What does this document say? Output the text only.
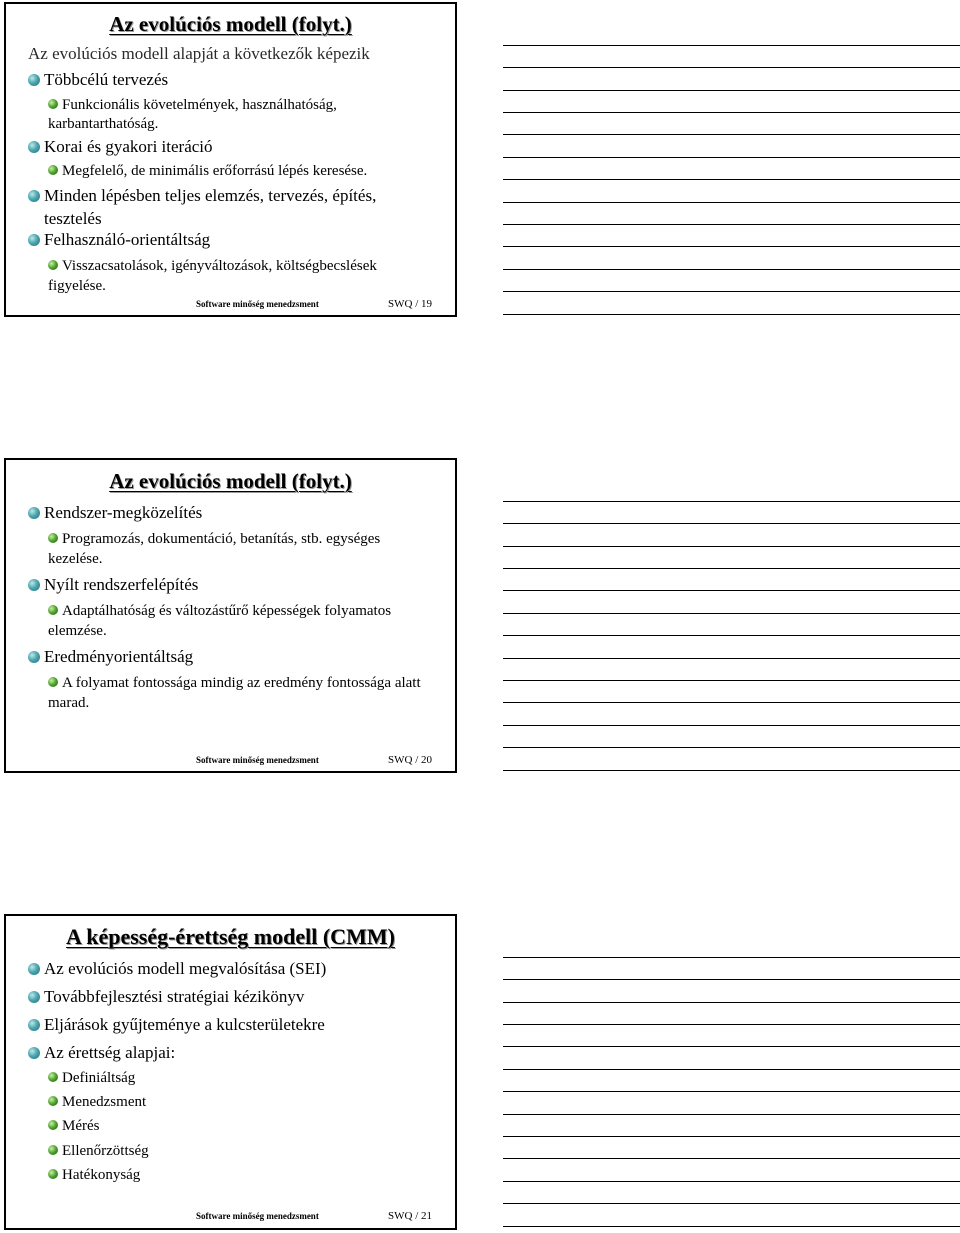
Az evolúciós modell (folyt.)
Az evolúciós modell alapját a következők képezik
Többcélú tervezés
Funkcionális követelmények, használhatóság, karbantarthatóság.
Korai és gyakori iteráció
Megfelelő, de minimális erőforrású lépés keresése.
Minden lépésben teljes elemzés, tervezés, építés, tesztelés
Felhasználó-orientáltság
Visszacsatolások, igényváltozások, költségbecslések figyelése.
Software minőség menedzsment	SWQ / 19
Az evolúciós modell (folyt.)
Rendszer-megközelítés
Programozás, dokumentáció, betanítás, stb. egységes kezelése.
Nyílt rendszerfelépítés
Adaptálhatóság és változástűrő képességek folyamatos elemzése.
Eredményorientáltság
A folyamat fontossága mindig az eredmény fontossága alatt marad.
Software minőség menedzsment	SWQ / 20
A képesség-érettség modell (CMM)
Az evolúciós modell megvalósítása (SEI)
Továbbfejlesztési stratégiai kézikönyv
Eljárások gyűjteménye a kulcsterületekre
Az érettség alapjai:
Definiáltság
Menedzsment
Mérés
Ellenőrzöttség
Hatékonyság
Software minőség menedzsment	SWQ / 21
